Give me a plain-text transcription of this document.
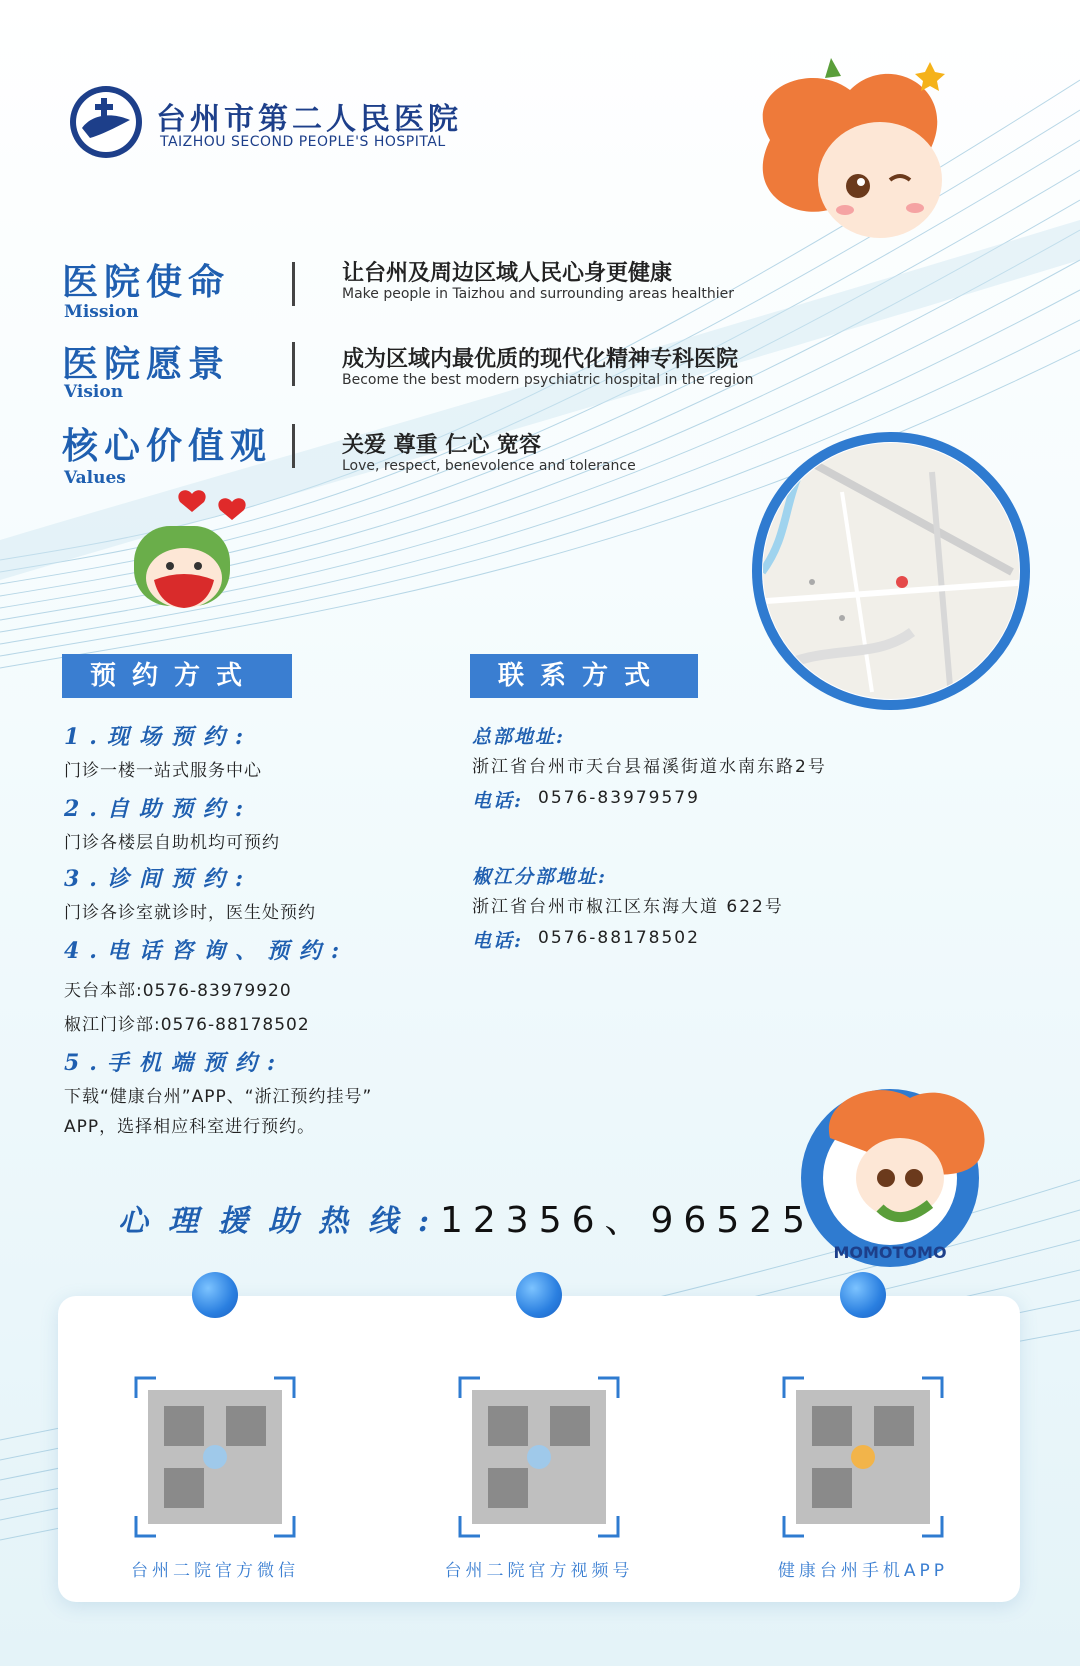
台州市第二人民医院
TAIZHOU SECOND PEOPLE'S HOSPITAL
医院使命
Mission
让台州及周边区域人民心身更健康
Make people in Taizhou and surrounding areas healthier
医院愿景
Vision
成为区域内最优质的现代化精神专科医院
Become the best modern psychiatric hospital in the region
核心价值观
Values
关爱 尊重 仁心 宽容
Love, respect, benevolence and tolerance
预约方式	联系方式
1.现场预约:
门诊一楼一站式服务中心
2.自助预约:
门诊各楼层自助机均可预约
3.诊间预约:
门诊各诊室就诊时，医生处预约
4.电话咨询、预约:
天台本部:0576-83979920
椒江门诊部:0576-88178502
5.手机端预约:
下载“健康台州”APP、“浙江预约挂号”
APP，选择相应科室进行预约。
总部地址:
浙江省台州市天台县福溪街道水南东路2号
电话: 0576-83979579
椒江分部地址:
浙江省台州市椒江区东海大道 622号
电话: 0576-88178502
MOMOTOMO
心理援助热线:
12356、96525
台州二院官方微信	台州二院官方视频号	健康台州手机APP
